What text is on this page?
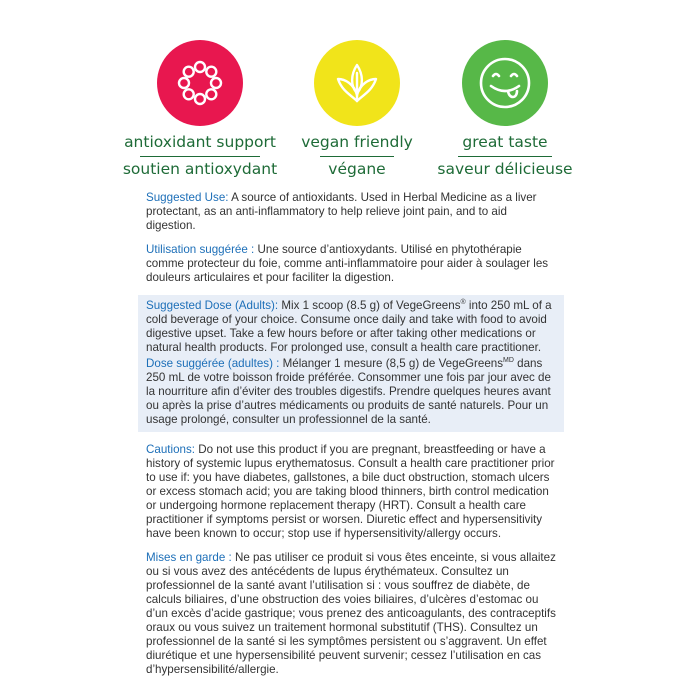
antioxidant support
soutien antioxydant
vegan friendly
végane
great taste
saveur délicieuse

Suggested Use: A source of antioxidants. Used in Herbal Medicine as a liver protectant, as an anti-inflammatory to help relieve joint pain, and to aid digestion.

Utilisation suggérée : Une source d’antioxydants. Utilisé en phytothérapie comme protecteur du foie, comme anti-inflammatoire pour aider à soulager les douleurs articulaires et pour faciliter la digestion.

Suggested Dose (Adults): Mix 1 scoop (8.5 g) of VegeGreens® into 250 mL of a cold beverage of your choice. Consume once daily and take with food to avoid digestive upset. Take a few hours before or after taking other medications or natural health products. For prolonged use, consult a health care practitioner.

Dose suggérée (adultes) : Mélanger 1 mesure (8,5 g) de VegeGreens$^{MD}$ dans 250 mL de votre boisson froide préférée. Consommer une fois par jour avec de la nourriture afin d’éviter des troubles digestifs. Prendre quelques heures avant ou après la prise d’autres médicaments ou produits de santé naturels. Pour un usage prolongé, consulter un professionnel de la santé.

Cautions: Do not use this product if you are pregnant, breastfeeding or have a history of systemic lupus erythematosus. Consult a health care practitioner prior to use if: you have diabetes, gallstones, a bile duct obstruction, stomach ulcers or excess stomach acid; you are taking blood thinners, birth control medication or undergoing hormone replacement therapy (HRT). Consult a health care practitioner if symptoms persist or worsen. Diuretic effect and hypersensitivity have been known to occur; stop use if hypersensitivity/allergy occurs.

Mises en garde : Ne pas utiliser ce produit si vous êtes enceinte, si vous allaitez ou si vous avez des antécédents de lupus érythémateux. Consultez un professionnel de la santé avant l’utilisation si : vous souffrez de diabète, de calculs biliaires, d’une obstruction des voies biliaires, d’ulcères d’estomac ou d’un excès d’acide gastrique; vous prenez des anticoagulants, des contraceptifs oraux ou vous suivez un traitement hormonal substitutif (THS). Consultez un professionnel de la santé si les symptômes persistent ou s’aggravent. Un effet diurétique et une hypersensibilité peuvent survenir; cessez l’utilisation en cas d’hypersensibilité/allergie.
